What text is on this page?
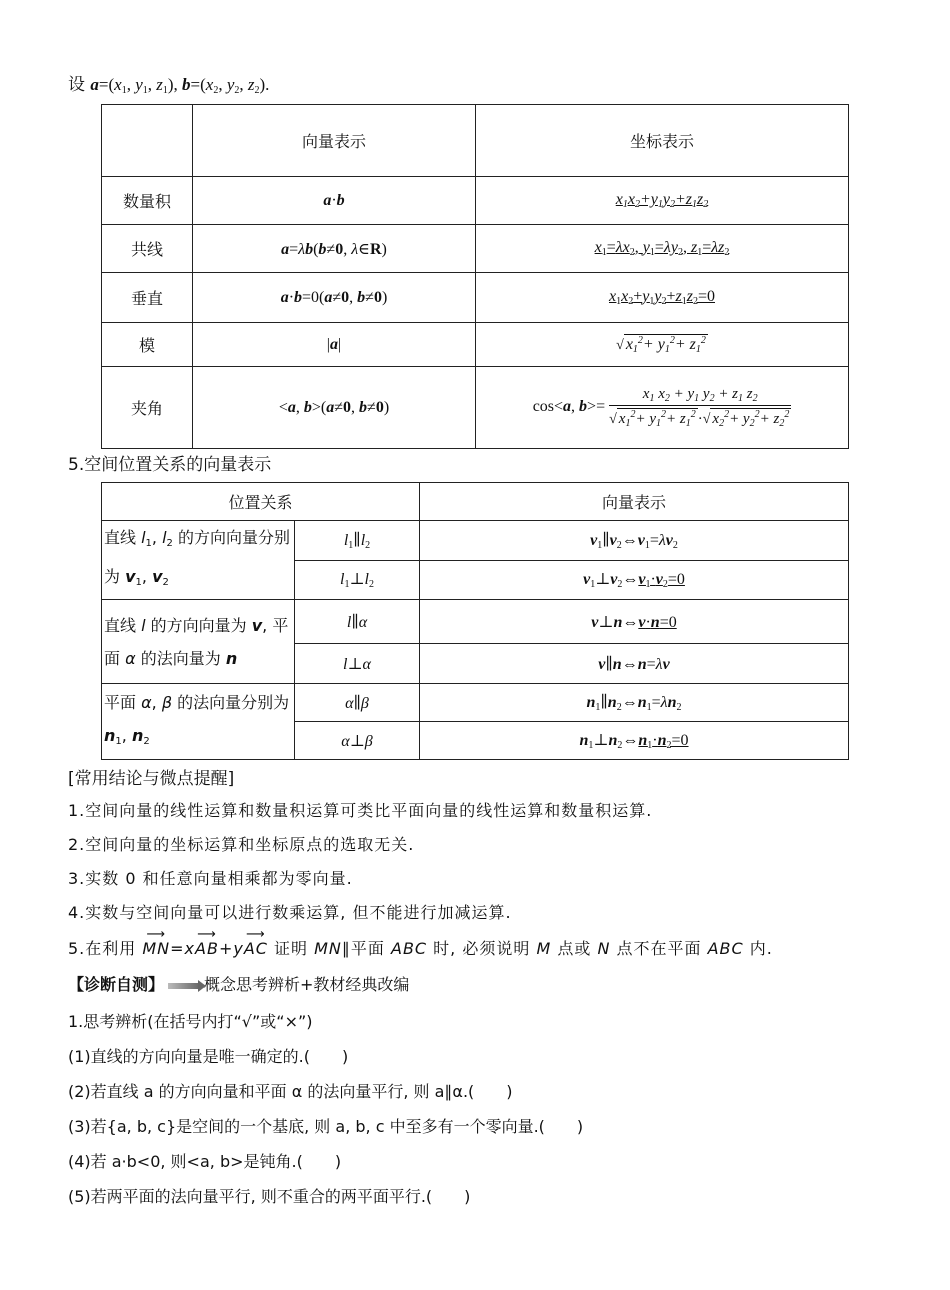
设 $a=(x_1$, $y_1$, $z_1$), $b=(x_2$, $y_2$, $z_2$).
	向量表示	坐标表示
数量积	a·b	$x_1x_2+y_1y_2+z_1z_2$
共线	a=λb(b≠0, λ∈R)	$x_1=\lambda x_2$, $y_1=\lambda y_2$, $z_1=\lambda z_2$
垂直	a·b=0(a≠0, b≠0)	$x_1x_2+y_1y_2+z_1z_2=0$
模	|a|	√ $x_1^2+ y_1^2+ z_1^2$
夹角	<a, b>(a≠0, b≠0)	cos<a, $b>= \frac{x_1 x_2 + y_1 y_2 + z_1 z_2}{√ x_1^2+ y_1^2+ z_1^2 \cdot√ x_2^2+ y_2^2+ z_2^2}$
5.空间位置关系的向量表示
位置关系		向量表示
直线 $l_1$, $l_2$ 的方向向量分别为 $v_1$, $v_2$	$l_1\parallel l_2$	$v_1\parallel v_2\Leftrightarrow v_1=\lambda v_2$
	$l_1\perp l_2$	$v_1\perp v_2\Leftrightarrow v_1\cdot v_2=0$
直线 l 的方向向量为 v, 平面 α 的法向量为 n	l∥α	v⊥n⇔v·n=0
	l⊥α	v∥n⇔n=λv
平面 α, β 的法向量分别为 $n_1$, $n_2$	α∥β	$n_1\parallel n_2\Leftrightarrow n_1=\lambda n_2$
	α⊥β	$n_1\perp n_2\Leftrightarrow n_1\cdot n_2=0$
[常用结论与微点提醒]
1.空间向量的线性运算和数量积运算可类比平面向量的线性运算和数量积运算.
2.空间向量的坐标运算和坐标原点的选取无关.
3.实数 0 和任意向量相乘都为零向量.
4.实数与空间向量可以进行数乘运算, 但不能进行加减运算.
5.在利用 ⟶ MN=x⟶ AB+y⟶ AC 证明 MN∥平面 ABC 时, 必须说明 M 点或 N 点不在平面 ABC 内.
【诊断自测】	概念思考辨析+教材经典改编
1.思考辨析(在括号内打“√”或“×”)
(1)直线的方向向量是唯一确定的.(　　)
(2)若直线 a 的方向向量和平面 α 的法向量平行, 则 a∥α.(　　)
(3)若{a, b, c}是空间的一个基底, 则 a, b, c 中至多有一个零向量.(　　)
(4)若 a·b<0, 则<a, b>是钝角.(　　)
(5)若两平面的法向量平行, 则不重合的两平面平行.(　　)
